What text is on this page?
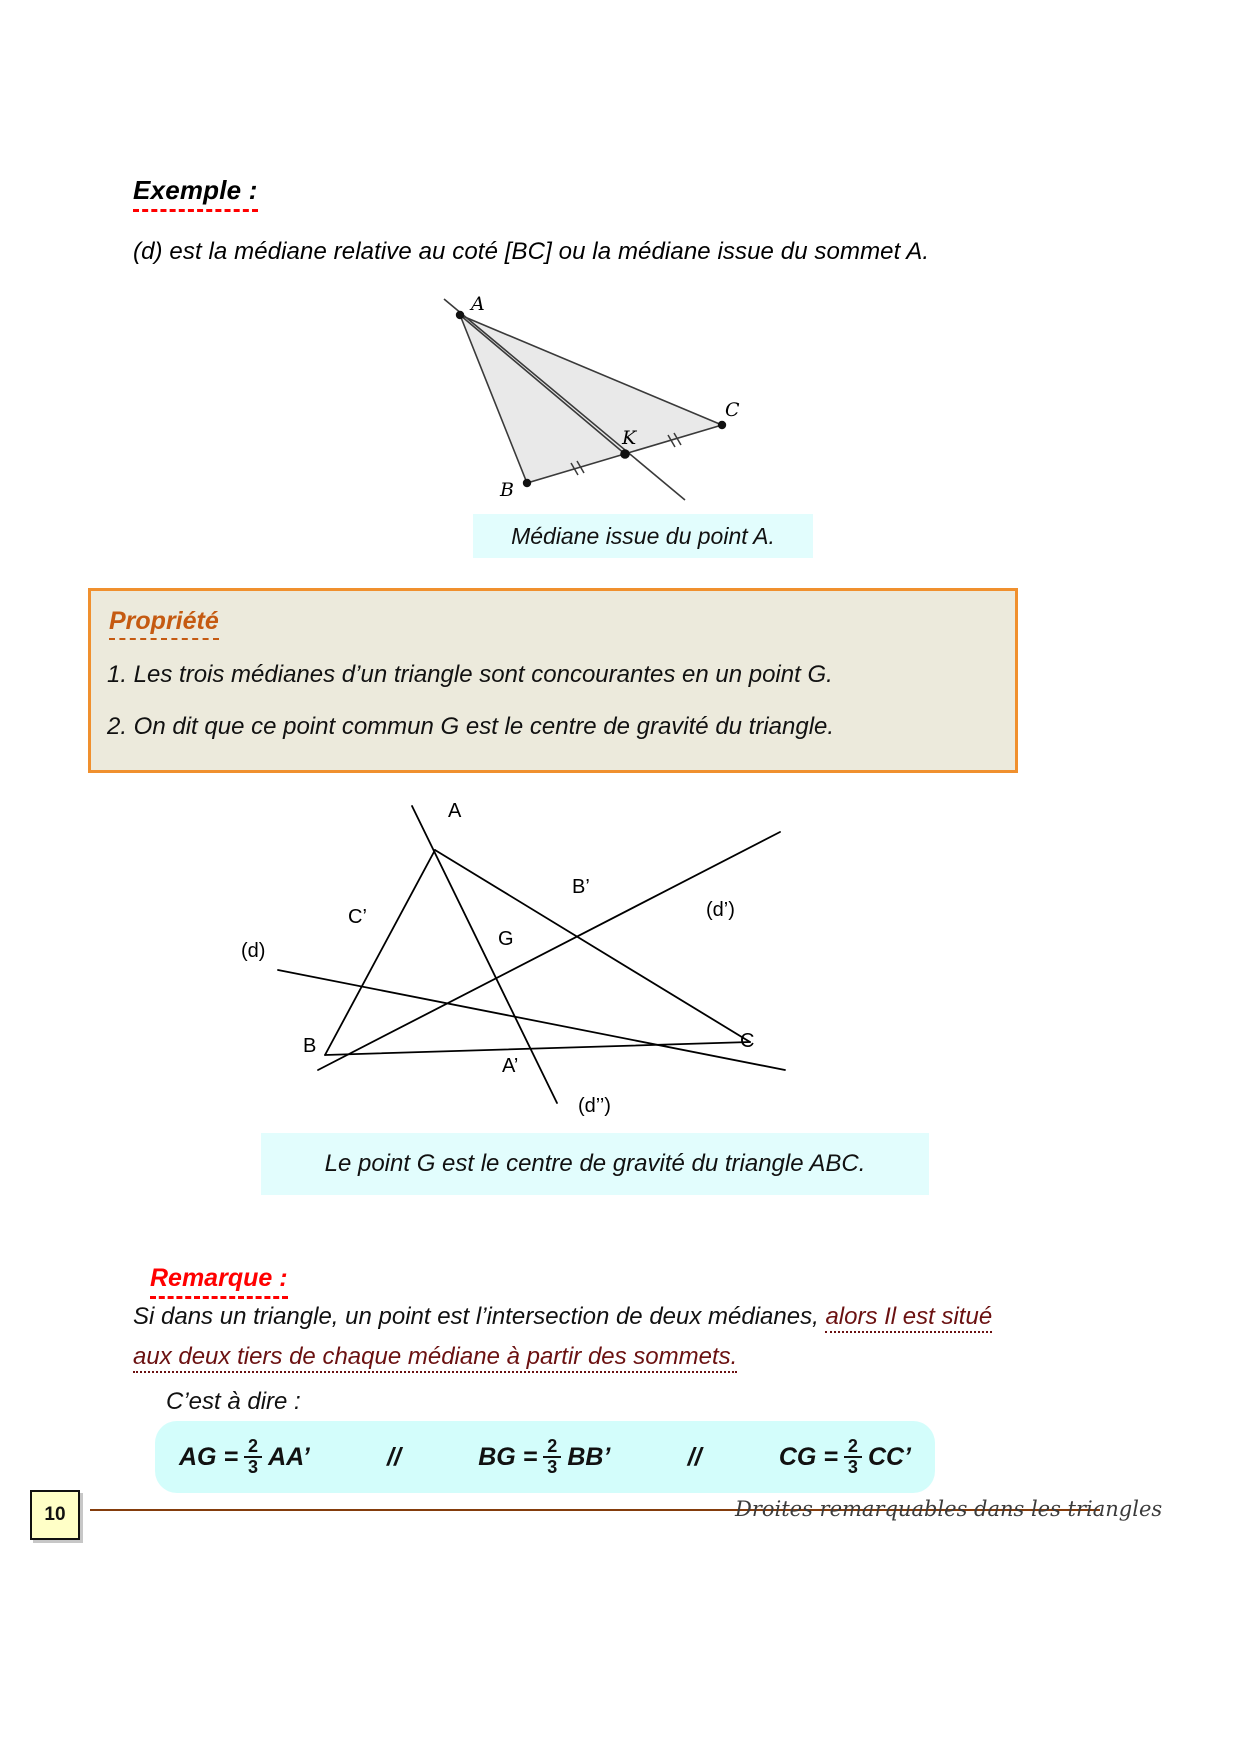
Exemple :
(d) est la médiane relative au coté [BC] ou la médiane issue du sommet A.
A
B
C
K
Médiane issue du point A.
Propriété
1. Les trois médianes d’un triangle sont concourantes en un point G.
2. On dit que ce point commun G est le centre de gravité du triangle.
A
B	C
G
A’
B’
C’
(d)
(d’)
(d’’)
Le point G est le centre de gravité du triangle ABC.
Remarque :
Si dans un triangle, un point est l’intersection de deux médianes, alors Il est situé
aux deux tiers de chaque médiane à partir des sommets.
C’est à dire :
AG = $\frac{2}{3}$ AA’	//	BG = $\frac{2}{3}$ BB’	//	CG = $\frac{2}{3}$ CC’
10	Droites remarquables dans les triangles
